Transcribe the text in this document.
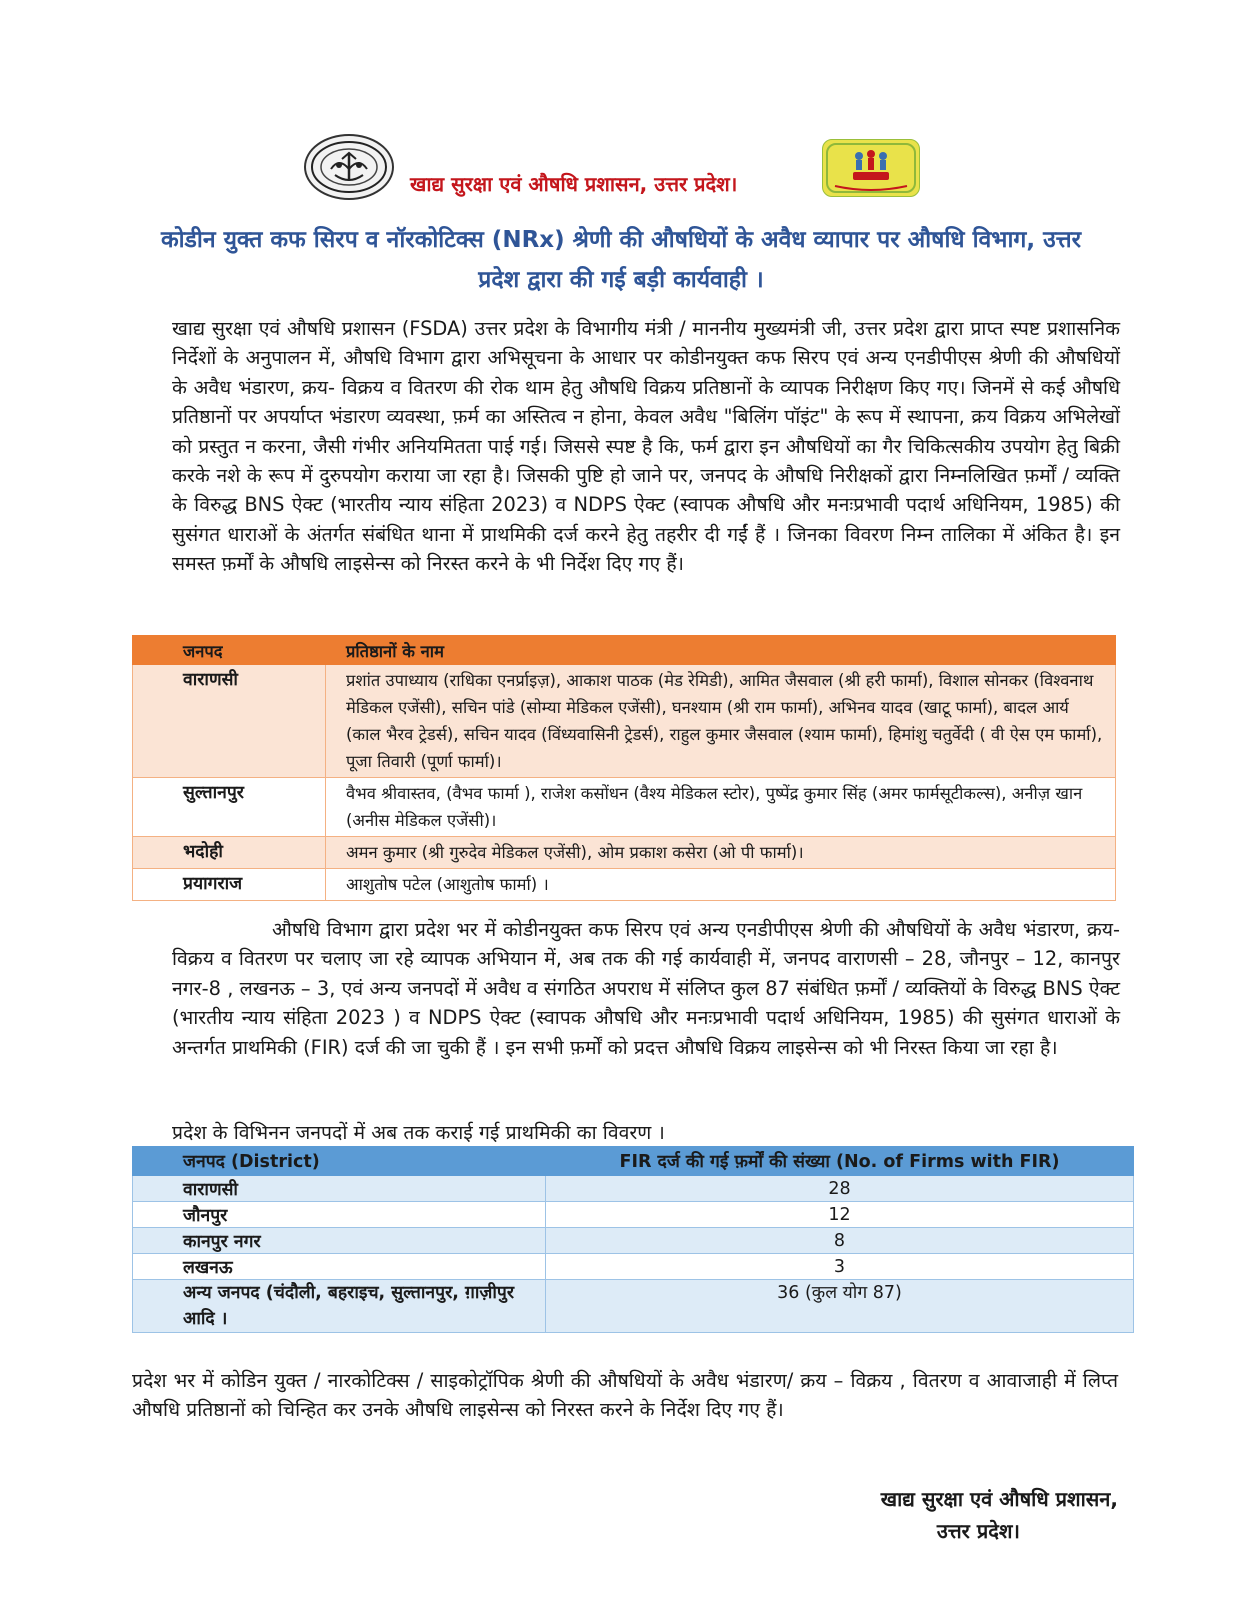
खाद्य सुरक्षा एवं औषधि प्रशासन, उत्तर प्रदेश।
कोडीन युक्त कफ सिरप व नॉरकोटिक्स (NRx) श्रेणी की औषधियों के अवैध व्यापार पर औषधि विभाग, उत्तर प्रदेश द्वारा की गई बड़ी कार्यवाही ।
खाद्य सुरक्षा एवं औषधि प्रशासन (FSDA) उत्तर प्रदेश के विभागीय मंत्री / माननीय मुख्यमंत्री जी, उत्तर प्रदेश द्वारा प्राप्त स्पष्ट प्रशासनिक निर्देशों के अनुपालन में, औषधि विभाग द्वारा अभिसूचना के आधार पर कोडीनयुक्त कफ सिरप एवं अन्य एनडीपीएस श्रेणी की औषधियों के अवैध भंडारण, क्रय- विक्रय व वितरण की रोक थाम हेतु औषधि विक्रय प्रतिष्ठानों के व्यापक निरीक्षण किए गए। जिनमें से कई औषधि प्रतिष्ठानों पर अपर्याप्त भंडारण व्यवस्था, फ़र्म का अस्तित्व न होना, केवल अवैध "बिलिंग पॉइंट" के रूप में स्थापना, क्रय विक्रय अभिलेखों को प्रस्तुत न करना, जैसी गंभीर अनियमितता पाई गई। जिससे स्पष्ट है कि, फर्म द्वारा इन औषधियों का गैर चिकित्सकीय उपयोग हेतु बिक्री करके नशे के रूप में दुरुपयोग कराया जा रहा है। जिसकी पुष्टि हो जाने पर, जनपद के औषधि निरीक्षकों द्वारा निम्नलिखित फ़र्मों / व्यक्ति के विरुद्ध BNS ऐक्ट (भारतीय न्याय संहिता 2023) व NDPS ऐक्ट (स्वापक औषधि और मनःप्रभावी पदार्थ अधिनियम, 1985) की सुसंगत धाराओं के अंतर्गत संबंधित थाना में प्राथमिकी दर्ज करने हेतु तहरीर दी गईं हैं । जिनका विवरण निम्न तालिका में अंकित है। इन समस्त फ़र्मों के औषधि लाइसेन्स को निरस्त करने के भी निर्देश दिए गए हैं।
जनपद	प्रतिष्ठानों के नाम
वाराणसी	प्रशांत उपाध्याय (राधिका एनर्प्राइज़), आकाश पाठक (मेड रेमिडी), आमित जैसवाल (श्री हरी फार्मा), विशाल सोनकर (विश्वनाथ मेडिकल एजेंसी), सचिन पांडे (सोम्या मेडिकल एजेंसी), घनश्याम (श्री राम फार्मा), अभिनव यादव (खाटू फार्मा), बादल आर्य (काल भैरव ट्रेडर्स), सचिन यादव (विंध्यवासिनी ट्रेडर्स), राहुल कुमार जैसवाल (श्याम फार्मा), हिमांशु चतुर्वेदी ( वी ऐस एम फार्मा), पूजा तिवारी (पूर्णा फार्मा)।
सुल्तानपुर	वैभव श्रीवास्तव, (वैभव फार्मा ), राजेश कसोंधन (वैश्य मेडिकल स्टोर), पुष्पेंद्र कुमार सिंह (अमर फार्मसूटीकल्स), अनीज़ खान (अनीस मेडिकल एजेंसी)।
भदोही	अमन कुमार (श्री गुरुदेव मेडिकल एजेंसी), ओम प्रकाश कसेरा (ओ पी फार्मा)।
प्रयागराज	आशुतोष पटेल (आशुतोष फार्मा) ।
औषधि विभाग द्वारा प्रदेश भर में कोडीनयुक्त कफ सिरप एवं अन्य एनडीपीएस श्रेणी की औषधियों के अवैध भंडारण, क्रय- विक्रय व वितरण पर चलाए जा रहे व्यापक अभियान में, अब तक की गई कार्यवाही में, जनपद वाराणसी – 28, जौनपुर – 12, कानपुर नगर-8 , लखनऊ – 3, एवं अन्य जनपदों में अवैध व संगठित अपराध में संलिप्त कुल 87 संबंधित फ़र्मों / व्यक्तियों के विरुद्ध BNS ऐक्ट (भारतीय न्याय संहिता 2023 ) व NDPS ऐक्ट (स्वापक औषधि और मनःप्रभावी पदार्थ अधिनियम, 1985) की सुसंगत धाराओं के अन्तर्गत प्राथमिकी (FIR) दर्ज की जा चुकी हैं । इन सभी फ़र्मों को प्रदत्त औषधि विक्रय लाइसेन्स को भी निरस्त किया जा रहा है।
प्रदेश के विभिनन जनपदों में अब तक कराई गई प्राथमिकी का विवरण ।
जनपद (District)	FIR दर्ज की गई फ़र्मों की संख्या (No. of Firms with FIR)
वाराणसी	28
जौनपुर	12
कानपुर नगर	8
लखनऊ	3
अन्य जनपद (चंदौली, बहराइच, सुल्तानपुर, ग़ाज़ीपुर आदि ।	36 (कुल योग 87)
प्रदेश भर में कोडिन युक्त / नारकोटिक्स / साइकोट्रॉपिक श्रेणी की औषधियों के अवैध भंडारण/ क्रय – विक्रय , वितरण व आवाजाही में लिप्त औषधि प्रतिष्ठानों को चिन्हित कर उनके औषधि लाइसेन्स को निरस्त करने के निर्देश दिए गए हैं।
खाद्य सुरक्षा एवं औषधि प्रशासन,
उत्तर प्रदेश।
